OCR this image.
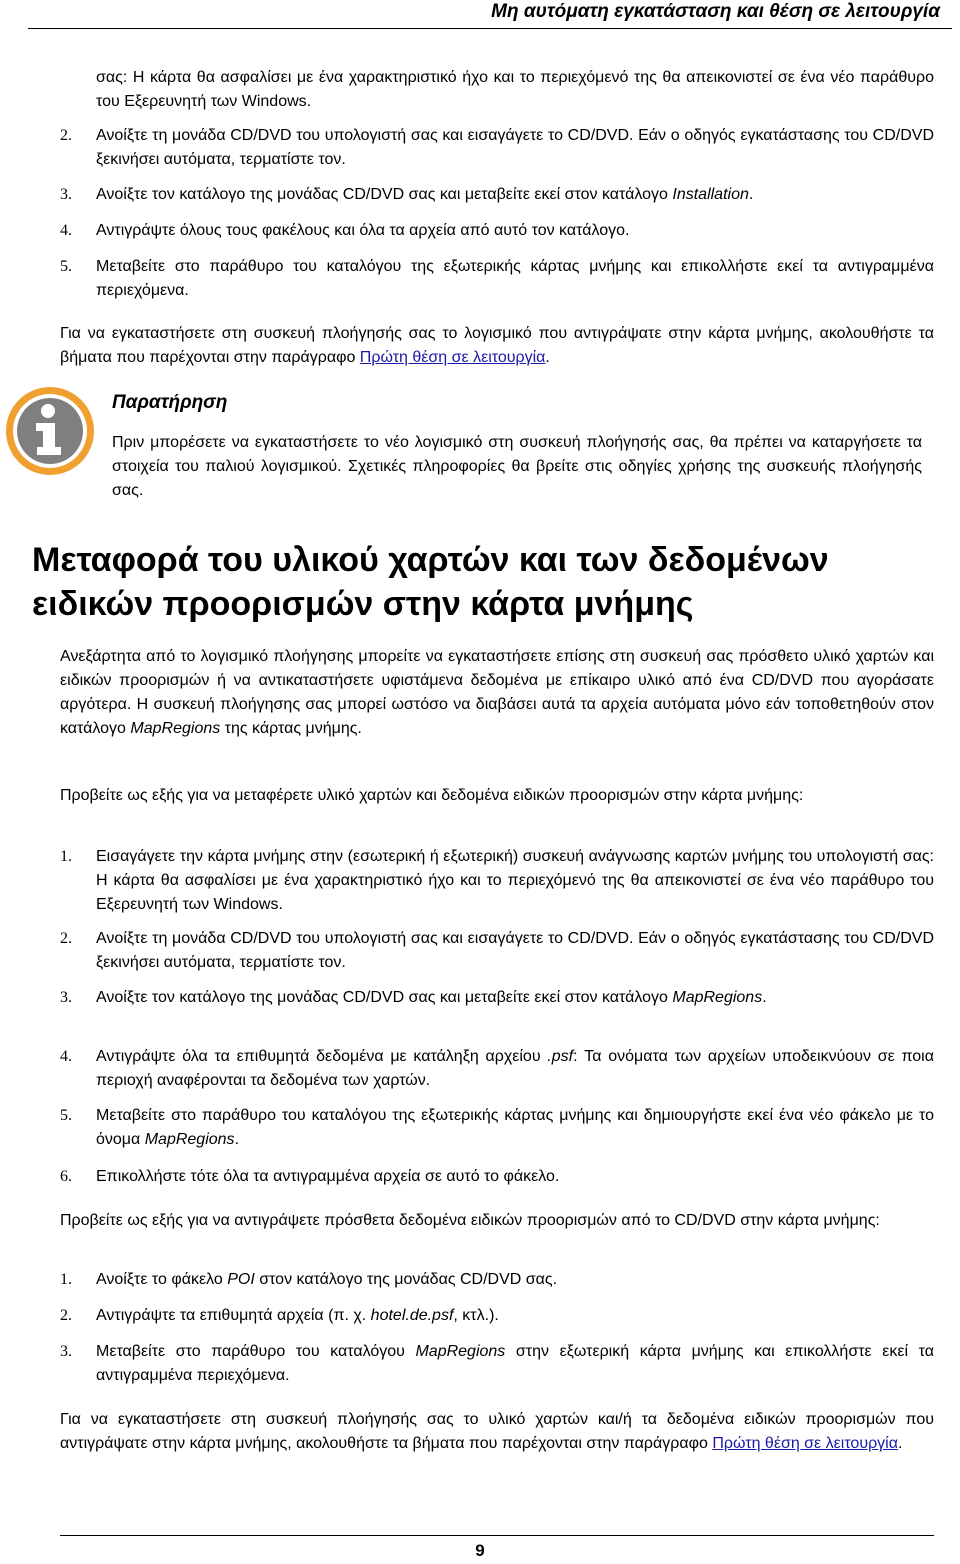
Μη αυτόματη εγκατάσταση και θέση σε λειτουργία

σας: Η κάρτα θα ασφαλίσει με ένα χαρακτηριστικό ήχο και το περιεχόμενό της θα απεικονιστεί σε ένα νέο παράθυρο του Εξερευνητή των Windows.

2.	Ανοίξτε τη μονάδα CD/DVD του υπολογιστή σας και εισαγάγετε το CD/DVD. Εάν ο οδηγός εγκατάστασης του CD/DVD ξεκινήσει αυτόματα, τερματίστε τον.
3.	Ανοίξτε τον κατάλογο της μονάδας CD/DVD σας και μεταβείτε εκεί στον κατάλογο Installation.
4.	Αντιγράψτε όλους τους φακέλους και όλα τα αρχεία από αυτό τον κατάλογο.
5.	Μεταβείτε στο παράθυρο του καταλόγου της εξωτερικής κάρτας μνήμης και επικολλήστε εκεί τα αντιγραμμένα περιεχόμενα.

Για να εγκαταστήσετε στη συσκευή πλοήγησής σας το λογισμικό που αντιγράψατε στην κάρτα μνήμης, ακολουθήστε τα βήματα που παρέχονται στην παράγραφο Πρώτη θέση σε λειτουργία.

Παρατήρηση
Πριν μπορέσετε να εγκαταστήσετε το νέο λογισμικό στη συσκευή πλοήγησής σας, θα πρέπει να καταργήσετε τα στοιχεία του παλιού λογισμικού. Σχετικές πληροφορίες θα βρείτε στις οδηγίες χρήσης της συσκευής πλοήγησής σας.
Μεταφορά του υλικού χαρτών και των δεδομένων ειδικών προορισμών στην κάρτα μνήμης

Ανεξάρτητα από το λογισμικό πλοήγησης μπορείτε να εγκαταστήσετε επίσης στη συσκευή σας πρόσθετο υλικό χαρτών και ειδικών προορισμών ή να αντικαταστήσετε υφιστάμενα δεδομένα με επίκαιρο υλικό από ένα CD/DVD που αγοράσατε αργότερα. Η συσκευή πλοήγησης σας μπορεί ωστόσο να διαβάσει αυτά τα αρχεία αυτόματα μόνο εάν τοποθετηθούν στον κατάλογο MapRegions της κάρτας μνήμης.

Προβείτε ως εξής για να μεταφέρετε υλικό χαρτών και δεδομένα ειδικών προορισμών στην κάρτα μνήμης:

1.	Εισαγάγετε την κάρτα μνήμης στην (εσωτερική ή εξωτερική) συσκευή ανάγνωσης καρτών μνήμης του υπολογιστή σας: Η κάρτα θα ασφαλίσει με ένα χαρακτηριστικό ήχο και το περιεχόμενό της θα απεικονιστεί σε ένα νέο παράθυρο του Εξερευνητή των Windows.
2.	Ανοίξτε τη μονάδα CD/DVD του υπολογιστή σας και εισαγάγετε το CD/DVD. Εάν ο οδηγός εγκατάστασης του CD/DVD ξεκινήσει αυτόματα, τερματίστε τον.
3.	Ανοίξτε τον κατάλογο της μονάδας CD/DVD σας και μεταβείτε εκεί στον κατάλογο MapRegions.
4.	Αντιγράψτε όλα τα επιθυμητά δεδομένα με κατάληξη αρχείου .psf: Τα ονόματα των αρχείων υποδεικνύουν σε ποια περιοχή αναφέρονται τα δεδομένα των χαρτών.
5.	Μεταβείτε στο παράθυρο του καταλόγου της εξωτερικής κάρτας μνήμης και δημιουργήστε εκεί ένα νέο φάκελο με το όνομα MapRegions.
6.	Επικολλήστε τότε όλα τα αντιγραμμένα αρχεία σε αυτό το φάκελο.

Προβείτε ως εξής για να αντιγράψετε πρόσθετα δεδομένα ειδικών προορισμών από το CD/DVD στην κάρτα μνήμης:

1.	Ανοίξτε το φάκελο POI στον κατάλογο της μονάδας CD/DVD σας.
2.	Αντιγράψτε τα επιθυμητά αρχεία (π. χ. hotel.de.psf, κτλ.).
3.	Μεταβείτε στο παράθυρο του καταλόγου MapRegions στην εξωτερική κάρτα μνήμης και επικολλήστε εκεί τα αντιγραμμένα περιεχόμενα.

Για να εγκαταστήσετε στη συσκευή πλοήγησής σας το υλικό χαρτών και/ή τα δεδομένα ειδικών προορισμών που αντιγράψατε στην κάρτα μνήμης, ακολουθήστε τα βήματα που παρέχονται στην παράγραφο Πρώτη θέση σε λειτουργία.

9
